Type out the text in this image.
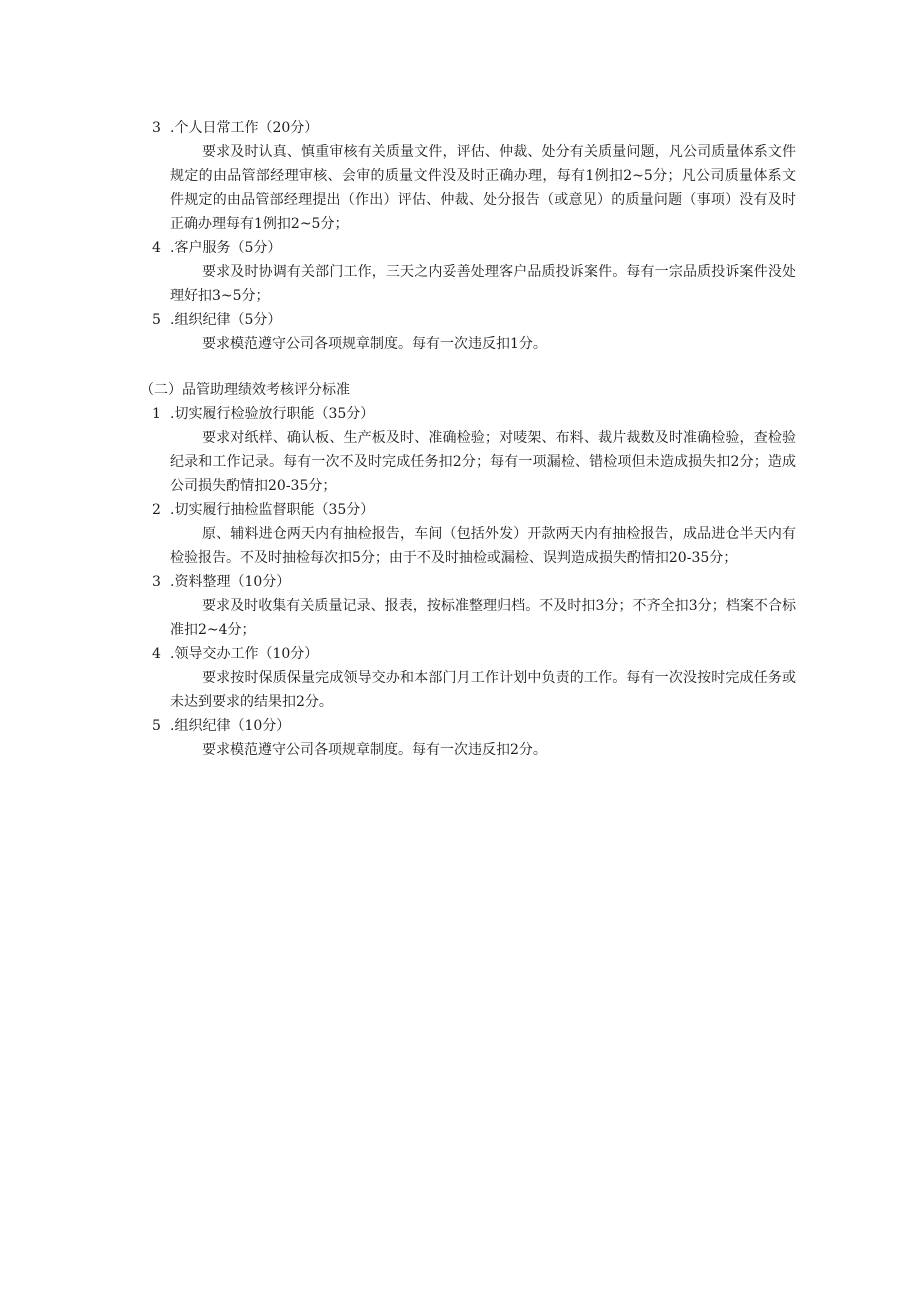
3 .个人日常工作（20分）

要求及时认真、慎重审核有关质量文件，评估、仲裁、处分有关质量问题，凡公司质量体系文件规定的由品管部经理审核、会审的质量文件没及时正确办理，每有1例扣2~5分；凡公司质量体系文件规定的由品管部经理提出（作出）评估、仲裁、处分报告（或意见）的质量问题（事项）没有及时正确办理每有1例扣2~5分；

4 .客户服务（5分）

要求及时协调有关部门工作，三天之内妥善处理客户品质投诉案件。每有一宗品质投诉案件没处理好扣3~5分；

5 .组织纪律（5分）

要求模范遵守公司各项规章制度。每有一次违反扣1分。

（二）品管助理绩效考核评分标准
1 .切实履行检验放行职能（35分）

要求对纸样、确认板、生产板及时、准确检验；对唛架、布料、裁片裁数及时准确检验，查检验纪录和工作记录。每有一次不及时完成任务扣2分；每有一项漏检、错检项但未造成损失扣2分；造成公司损失酌情扣20-35分；

2 .切实履行抽检监督职能（35分）

原、辅料进仓两天内有抽检报告，车间（包括外发）开款两天内有抽检报告，成品进仓半天内有检验报告。不及时抽检每次扣5分；由于不及时抽检或漏检、误判造成损失酌情扣20-35分；

3 .资料整理（10分）

要求及时收集有关质量记录、报表，按标准整理归档。不及时扣3分；不齐全扣3分；档案不合标准扣2~4分；

4 .领导交办工作（10分）

要求按时保质保量完成领导交办和本部门月工作计划中负责的工作。每有一次没按时完成任务或未达到要求的结果扣2分。

5 .组织纪律（10分）

要求模范遵守公司各项规章制度。每有一次违反扣2分。
